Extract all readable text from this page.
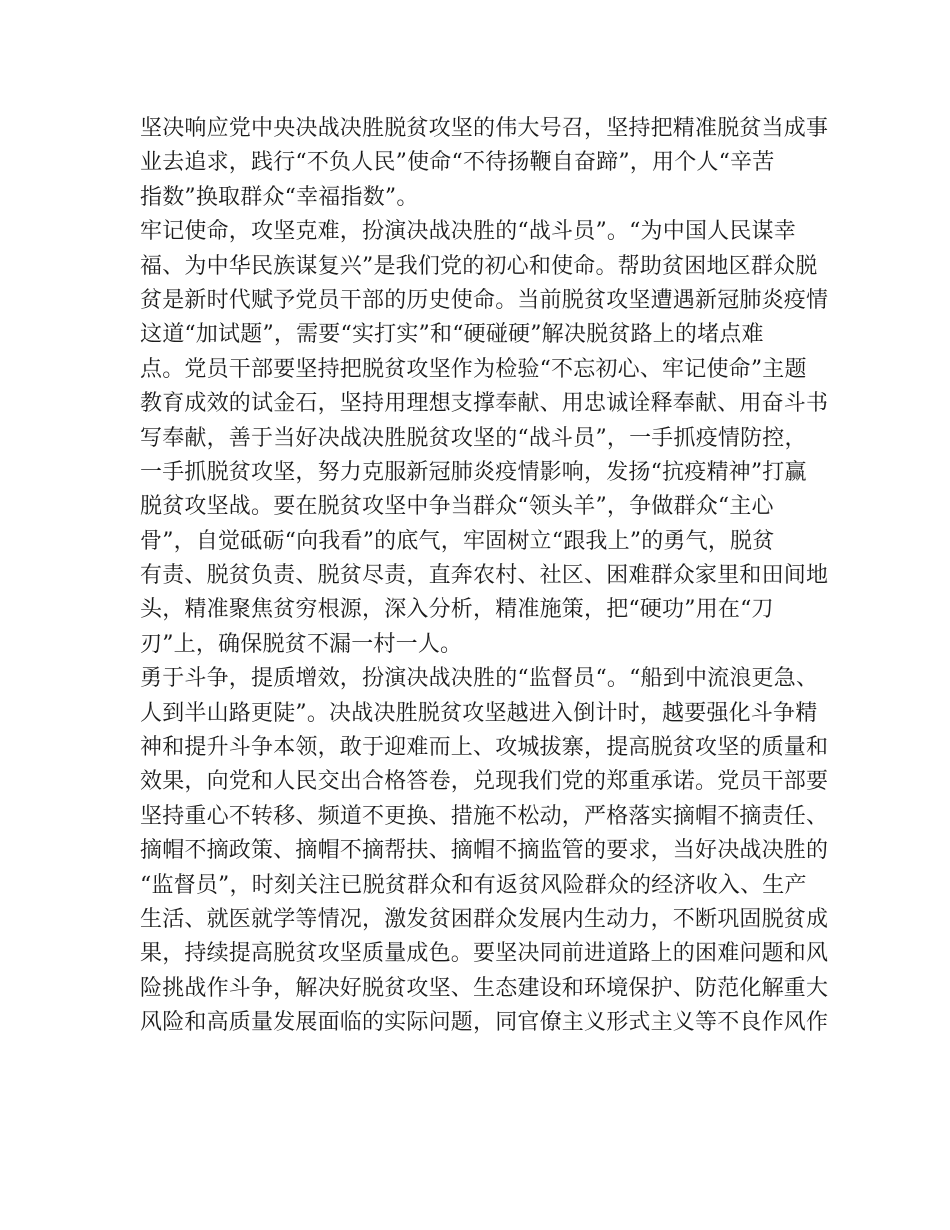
坚决响应党中央决战决胜脱贫攻坚的伟大号召，坚持把精准脱贫当成事
业去追求，践行“不负人民”使命“不待扬鞭自奋蹄”，用个人“辛苦
指数”换取群众“幸福指数”。
牢记使命，攻坚克难，扮演决战决胜的“战斗员”。“为中国人民谋幸
福、为中华民族谋复兴”是我们党的初心和使命。帮助贫困地区群众脱
贫是新时代赋予党员干部的历史使命。当前脱贫攻坚遭遇新冠肺炎疫情
这道“加试题”，需要“实打实”和“硬碰硬”解决脱贫路上的堵点难
点。党员干部要坚持把脱贫攻坚作为检验“不忘初心、牢记使命”主题
教育成效的试金石，坚持用理想支撑奉献、用忠诚诠释奉献、用奋斗书
写奉献，善于当好决战决胜脱贫攻坚的“战斗员”，一手抓疫情防控，
一手抓脱贫攻坚，努力克服新冠肺炎疫情影响，发扬“抗疫精神”打赢
脱贫攻坚战。要在脱贫攻坚中争当群众“领头羊”，争做群众“主心
骨”，自觉砥砺“向我看”的底气，牢固树立“跟我上”的勇气，脱贫
有责、脱贫负责、脱贫尽责，直奔农村、社区、困难群众家里和田间地
头，精准聚焦贫穷根源，深入分析，精准施策，把“硬功”用在“刀
刃”上，确保脱贫不漏一村一人。
勇于斗争，提质增效，扮演决战决胜的“监督员“。“船到中流浪更急、
人到半山路更陡”。决战决胜脱贫攻坚越进入倒计时，越要强化斗争精
神和提升斗争本领，敢于迎难而上、攻城拔寨，提高脱贫攻坚的质量和
效果，向党和人民交出合格答卷，兑现我们党的郑重承诺。党员干部要
坚持重心不转移、频道不更换、措施不松动，严格落实摘帽不摘责任、
摘帽不摘政策、摘帽不摘帮扶、摘帽不摘监管的要求，当好决战决胜的
“监督员”，时刻关注已脱贫群众和有返贫风险群众的经济收入、生产
生活、就医就学等情况，激发贫困群众发展内生动力，不断巩固脱贫成
果，持续提高脱贫攻坚质量成色。要坚决同前进道路上的困难问题和风
险挑战作斗争，解决好脱贫攻坚、生态建设和环境保护、防范化解重大
风险和高质量发展面临的实际问题，同官僚主义形式主义等不良作风作
